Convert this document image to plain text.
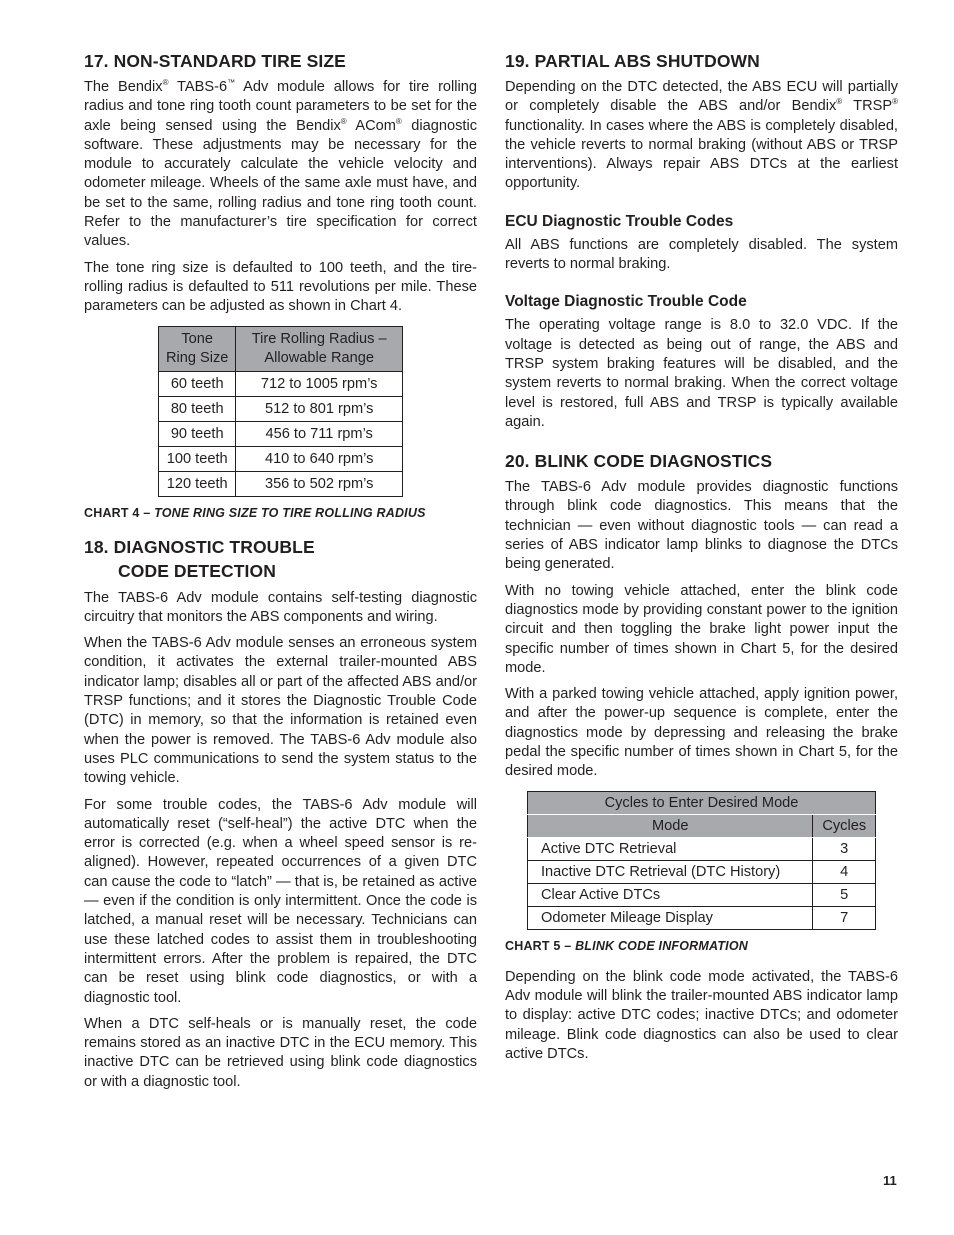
17. NON-STANDARD TIRE SIZE

The Bendix® TABS-6™ Adv module allows for tire rolling radius and tone ring tooth count parameters to be set for the axle being sensed using the Bendix® ACom® diagnostic software. These adjustments may be necessary for the module to accurately calculate the vehicle velocity and odometer mileage. Wheels of the same axle must have, and be set to the same, rolling radius and tone ring tooth count. Refer to the manufacturer’s tire specification for correct values.

The tone ring size is defaulted to 100 teeth, and the tire-rolling radius is defaulted to 511 revolutions per mile. These parameters can be adjusted as shown in Chart 4.

Tone Ring Size	Tire Rolling Radius – Allowable Range
60 teeth	712 to 1005 rpm’s
80 teeth	512 to 801 rpm’s
90 teeth	456 to 711 rpm’s
100 teeth	410 to 640 rpm’s
120 teeth	356 to 502 rpm’s
CHART 4 – TONE RING SIZE TO TIRE ROLLING RADIUS
18. DIAGNOSTIC TROUBLE
CODE DETECTION

The TABS-6 Adv module contains self-testing diagnostic circuitry that monitors the ABS components and wiring.

When the TABS-6 Adv module senses an erroneous system condition, it activates the external trailer-mounted ABS indicator lamp; disables all or part of the affected ABS and/or TRSP functions; and it stores the Diagnostic Trouble Code (DTC) in memory, so that the information is retained even when the power is removed. The TABS-6 Adv module also uses PLC communications to send the system status to the towing vehicle.

For some trouble codes, the TABS-6 Adv module will automatically reset (“self-heal”) the active DTC when the error is corrected (e.g. when a wheel speed sensor is re-aligned). However, repeated occurrences of a given DTC can cause the code to “latch” — that is, be retained as active — even if the condition is only intermittent. Once the code is latched, a manual reset will be necessary. Technicians can use these latched codes to assist them in troubleshooting intermittent errors. After the problem is repaired, the DTC can be reset using blink code diagnostics, or with a diagnostic tool.

When a DTC self-heals or is manually reset, the code remains stored as an inactive DTC in the ECU memory. This inactive DTC can be retrieved using blink code diagnostics or with a diagnostic tool.

19. PARTIAL ABS SHUTDOWN

Depending on the DTC detected, the ABS ECU will partially or completely disable the ABS and/or Bendix® TRSP® functionality. In cases where the ABS is completely disabled, the vehicle reverts to normal braking (without ABS or TRSP interventions). Always repair ABS DTCs at the earliest opportunity.

ECU Diagnostic Trouble Codes

All ABS functions are completely disabled. The system reverts to normal braking.

Voltage Diagnostic Trouble Code

The operating voltage range is 8.0 to 32.0 VDC. If the voltage is detected as being out of range, the ABS and TRSP system braking features will be disabled, and the system reverts to normal braking. When the correct voltage level is restored, full ABS and TRSP is typically available again.

20. BLINK CODE DIAGNOSTICS

The TABS-6 Adv module provides diagnostic functions through blink code diagnostics. This means that the technician — even without diagnostic tools — can read a series of ABS indicator lamp blinks to diagnose the DTCs being generated.

With no towing vehicle attached, enter the blink code diagnostics mode by providing constant power to the ignition circuit and then toggling the brake light power input the specific number of times shown in Chart 5, for the desired mode.

With a parked towing vehicle attached, apply ignition power, and after the power-up sequence is complete, enter the diagnostics mode by depressing and releasing the brake pedal the specific number of times shown in Chart 5, for the desired mode.

Cycles to Enter Desired Mode	
Mode	Cycles
Active DTC Retrieval	3
Inactive DTC Retrieval (DTC History)	4
Clear Active DTCs	5
Odometer Mileage Display	7
CHART 5 – BLINK CODE INFORMATION

Depending on the blink code mode activated, the TABS-6 Adv module will blink the trailer-mounted ABS indicator lamp to display: active DTC codes; inactive DTCs; and odometer mileage. Blink code diagnostics can also be used to clear active DTCs.

11
